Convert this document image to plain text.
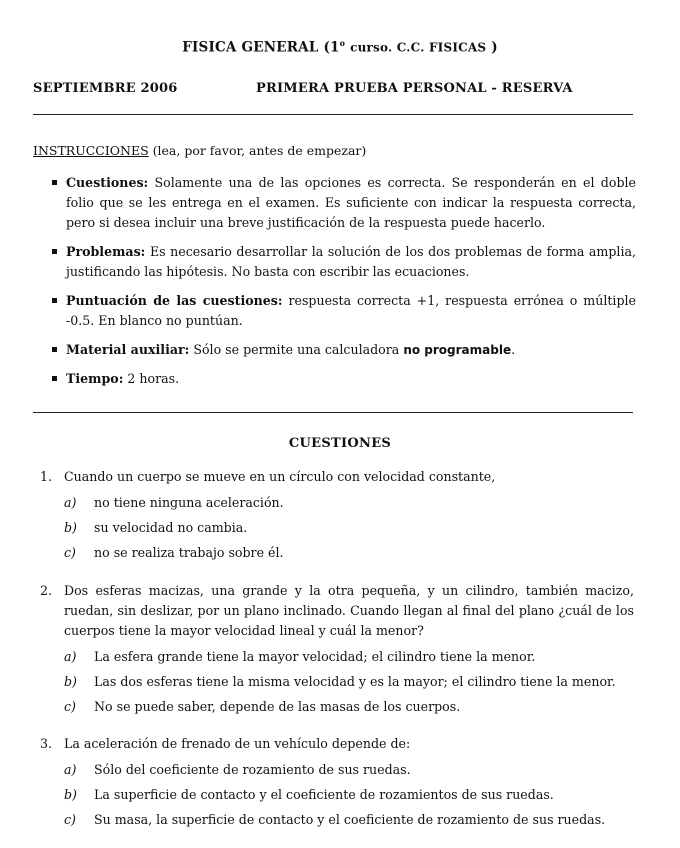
FISICA GENERAL (1$^o$ curso. C.C. FISICAS )
SEPTIEMBRE 2006	PRIMERA PRUEBA PERSONAL - RESERVA
INSTRUCCIONES (lea, por favor, antes de empezar)
Cuestiones: Solamente una de las opciones es correcta. Se responderán en el doble folio que se les entrega en el examen. Es suficiente con indicar la respuesta correcta, pero si desea incluir una breve justificación de la respuesta puede hacerlo.
Problemas: Es necesario desarrollar la solución de los dos problemas de forma amplia, justificando las hipótesis. No basta con escribir las ecuaciones.
Puntuación de las cuestiones: respuesta correcta +1, respuesta errónea o múltiple -0.5. En blanco no puntúan.
Material auxiliar: Sólo se permite una calculadora no programable.
Tiempo: 2 horas.
CUESTIONES
1. Cuando un cuerpo se mueve en un círculo con velocidad constante,
a) no tiene ninguna aceleración.
b) su velocidad no cambia.
c) no se realiza trabajo sobre él.
2. Dos esferas macizas, una grande y la otra pequeña, y un cilindro, también macizo, ruedan, sin deslizar, por un plano inclinado. Cuando llegan al final del plano ¿cuál de los cuerpos tiene la mayor velocidad lineal y cuál la menor?
a) La esfera grande tiene la mayor velocidad; el cilindro tiene la menor.
b) Las dos esferas tiene la misma velocidad y es la mayor; el cilindro tiene la menor.
c) No se puede saber, depende de las masas de los cuerpos.
3. La aceleración de frenado de un vehículo depende de:
a) Sólo del coeficiente de rozamiento de sus ruedas.
b) La superficie de contacto y el coeficiente de rozamientos de sus ruedas.
c) Su masa, la superficie de contacto y el coeficiente de rozamiento de sus ruedas.
